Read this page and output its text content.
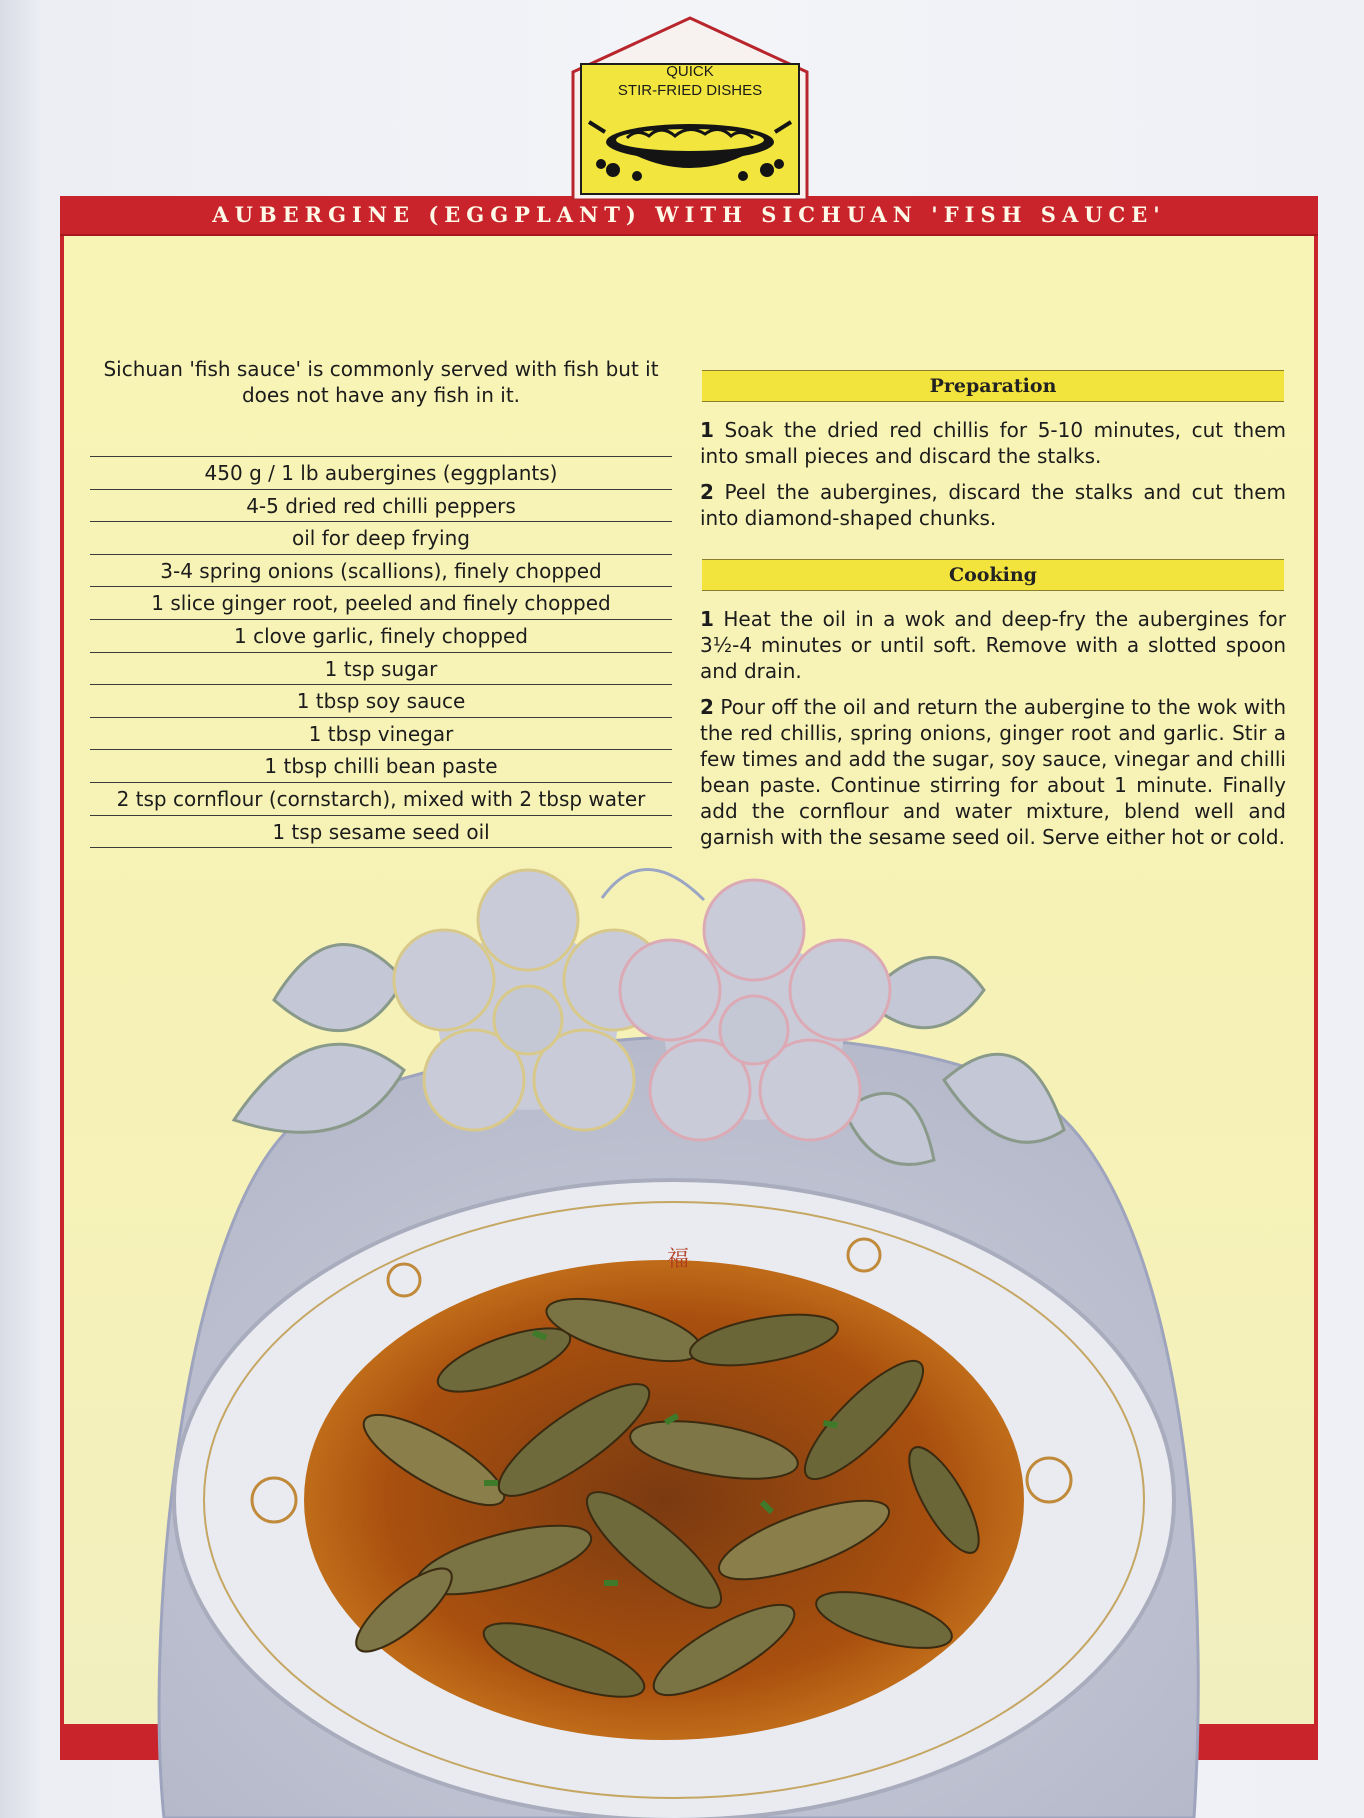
AUBERGINE (EGGPLANT) WITH SICHUAN 'FISH SAUCE'
QUICK
STIR-FRIED DISHES
Sichuan 'fish sauce' is commonly served with fish but it does not have any fish in it.
450 g / 1 lb aubergines (eggplants)
4-5 dried red chilli peppers
oil for deep frying
3-4 spring onions (scallions), finely chopped
1 slice ginger root, peeled and finely chopped
1 clove garlic, finely chopped
1 tsp sugar
1 tbsp soy sauce
1 tbsp vinegar
1 tbsp chilli bean paste
2 tsp cornflour (cornstarch), mixed with 2 tbsp water
1 tsp sesame seed oil
Preparation
1 Soak the dried red chillis for 5-10 minutes, cut them into small pieces and discard the stalks.
2 Peel the aubergines, discard the stalks and cut them into diamond-shaped chunks.
Cooking
1 Heat the oil in a wok and deep-fry the aubergines for 3½-4 minutes or until soft. Remove with a slotted spoon and drain.
2 Pour off the oil and return the aubergine to the wok with the red chillis, spring onions, ginger root and garlic. Stir a few times and add the sugar, soy sauce, vinegar and chilli bean paste. Continue stirring for about 1 minute. Finally add the cornflour and water mixture, blend well and garnish with the sesame seed oil. Serve either hot or cold.
福
